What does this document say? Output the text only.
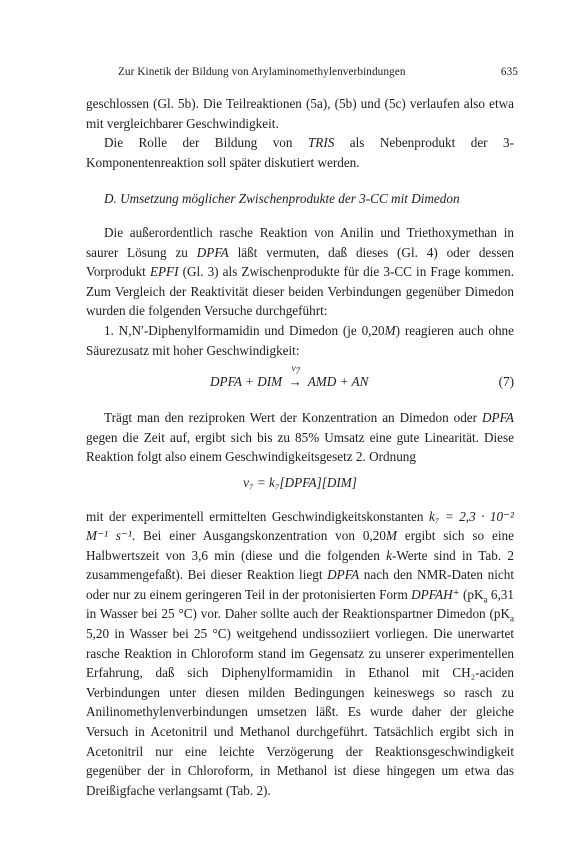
Zur Kinetik der Bildung von Arylaminomethylenverbindungen	635

geschlossen (Gl. 5b). Die Teilreaktionen (5a), (5b) und (5c) verlaufen also etwa mit vergleichbarer Geschwindigkeit.

Die Rolle der Bildung von TRIS als Nebenprodukt der 3-Komponentenreaktion soll später diskutiert werden.

D. Umsetzung möglicher Zwischenprodukte der 3-CC mit Dimedon

Die außerordentlich rasche Reaktion von Anilin und Triethoxymethan in saurer Lösung zu DPFA läßt vermuten, daß dieses (Gl. 4) oder dessen Vorprodukt EPFI (Gl. 3) als Zwischenprodukte für die 3-CC in Frage kommen. Zum Vergleich der Reaktivität dieser beiden Verbindungen gegenüber Dimedon wurden die folgenden Versuche durchgeführt:

1. N,N′-Diphenylformamidin und Dimedon (je 0,20M) reagieren auch ohne Säurezusatz mit hoher Geschwindigkeit:

DPFA + DIM
$v_7$
→ AMD + AN	(7)

Trägt man den reziproken Wert der Konzentration an Dimedon oder DPFA gegen die Zeit auf, ergibt sich bis zu 85% Umsatz eine gute Linearität. Diese Reaktion folgt also einem Geschwindigkeitsgesetz 2. Ordnung

v₇ = k₇[DPFA][DIM]

mit der experimentell ermittelten Geschwindigkeitskonstanten k₇ = 2,3 · 10⁻² M⁻¹ s⁻¹. Bei einer Ausgangskonzentration von 0,20M ergibt sich so eine Halbwertszeit von 3,6 min (diese und die folgenden k-Werte sind in Tab. 2 zusammengefaßt). Bei dieser Reaktion liegt DPFA nach den NMR-Daten nicht oder nur zu einem geringeren Teil in der protonisierten Form DPFAH⁺ ($pK_a$ 6,31 in Wasser bei 25 °C) vor. Daher sollte auch der Reaktionspartner Dimedon ($pK_a$ 5,20 in Wasser bei 25 °C) weitgehend undissoziiert vorliegen. Die unerwartet rasche Reaktion in Chloroform stand im Gegensatz zu unserer experimentellen Erfahrung, daß sich Diphenylformamidin in Ethanol mit CH₂-aciden Verbindungen unter diesen milden Bedingungen keineswegs so rasch zu Anilinomethylenverbindungen umsetzen läßt. Es wurde daher der gleiche Versuch in Acetonitril und Methanol durchgeführt. Tatsächlich ergibt sich in Acetonitril nur eine leichte Verzögerung der Reaktionsgeschwindigkeit gegenüber der in Chloroform, in Methanol ist diese hingegen um etwa das Dreißigfache verlangsamt (Tab. 2).
